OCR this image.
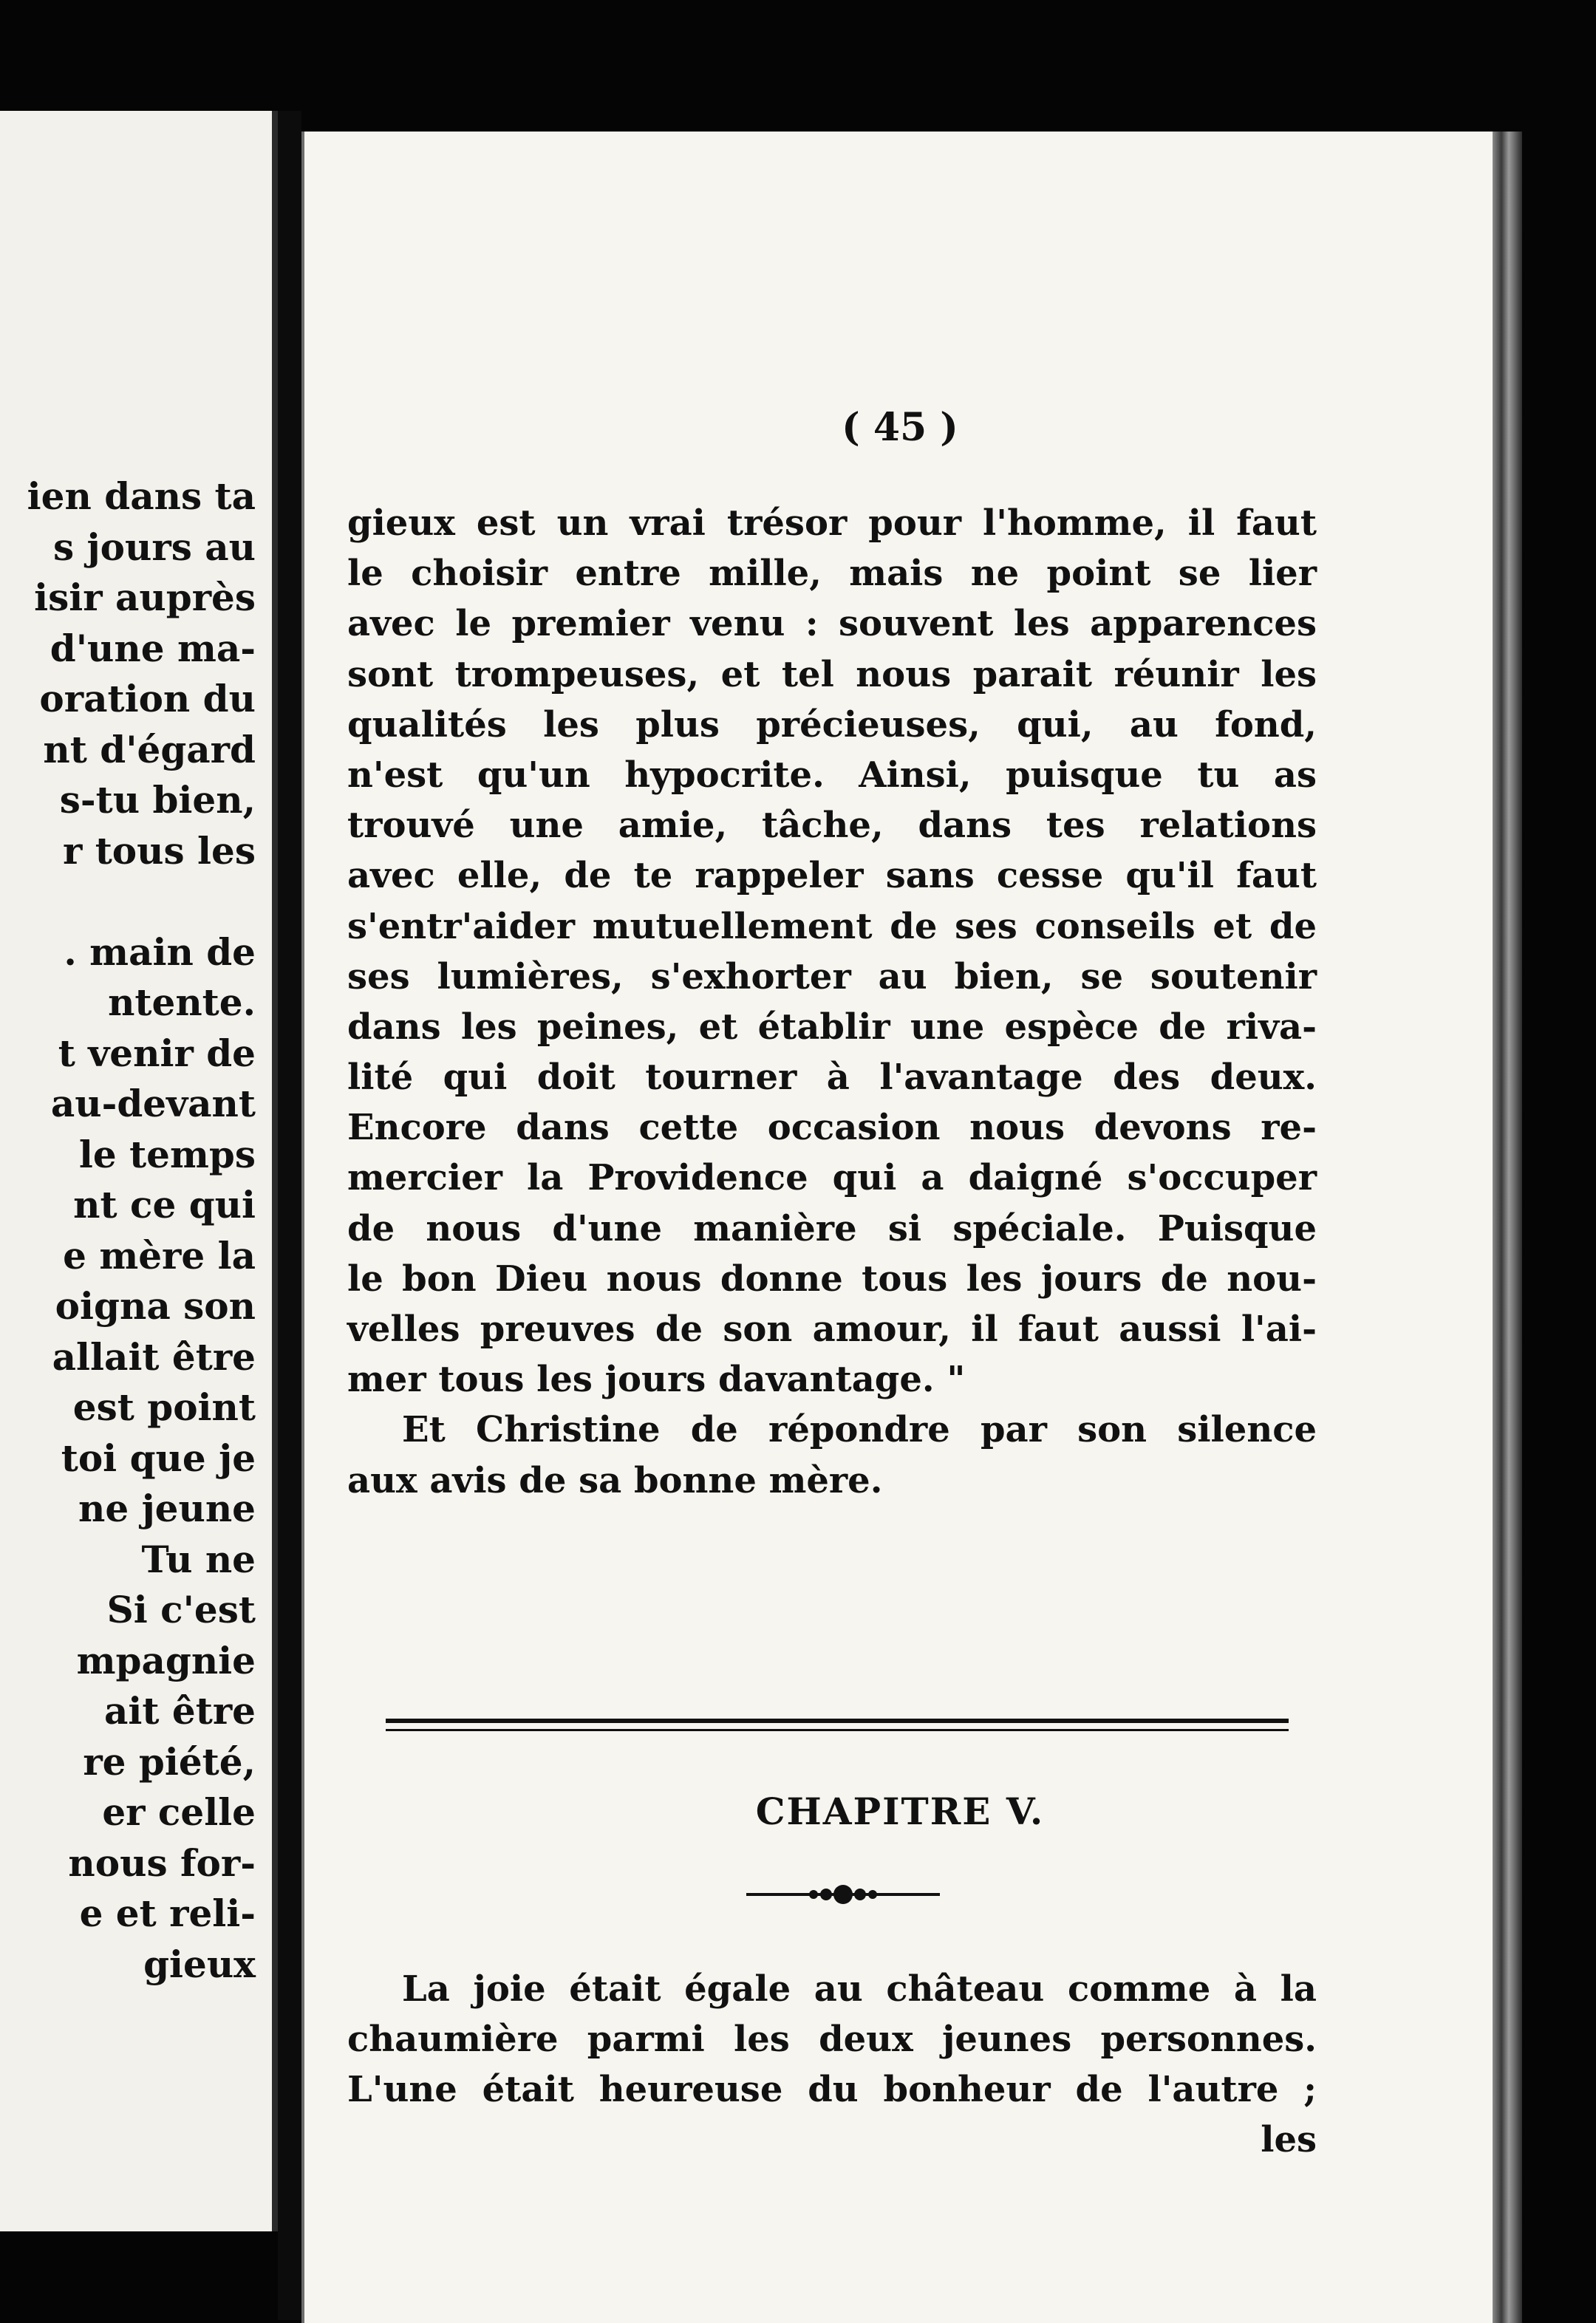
ien dans ta
s jours au
isir auprès
d'une ma-
oration du
nt d'égard
s-tu bien,
r tous les
. main de
ntente.
t venir de
au-devant
le temps
nt ce qui
e mère la
oigna son
allait être
est point
toi que je
ne jeune
Tu ne
Si c'est
mpagnie
ait être
re piété,
er celle
nous for-
e et reli-
gieux
( 45 )
gieux est un vrai trésor pour l'homme, il faut
le choisir entre mille, mais ne point se lier
avec le premier venu : souvent les apparences
sont trompeuses, et tel nous parait réunir les
qualités les plus précieuses, qui, au fond,
n'est qu'un hypocrite. Ainsi, puisque tu as
trouvé une amie, tâche, dans tes relations
avec elle, de te rappeler sans cesse qu'il faut
s'entr'aider mutuellement de ses conseils et de
ses lumières, s'exhorter au bien, se soutenir
dans les peines, et établir une espèce de riva-
lité qui doit tourner à l'avantage des deux.
Encore dans cette occasion nous devons re-
mercier la Providence qui a daigné s'occuper
de nous d'une manière si spéciale. Puisque
le bon Dieu nous donne tous les jours de nou-
velles preuves de son amour, il faut aussi l'ai-
mer tous les jours davantage. "
Et Christine de répondre par son silence
aux avis de sa bonne mère.
CHAPITRE V.
La joie était égale au château comme à la
chaumière parmi les deux jeunes personnes.
L'une était heureuse du bonheur de l'autre ;
les
